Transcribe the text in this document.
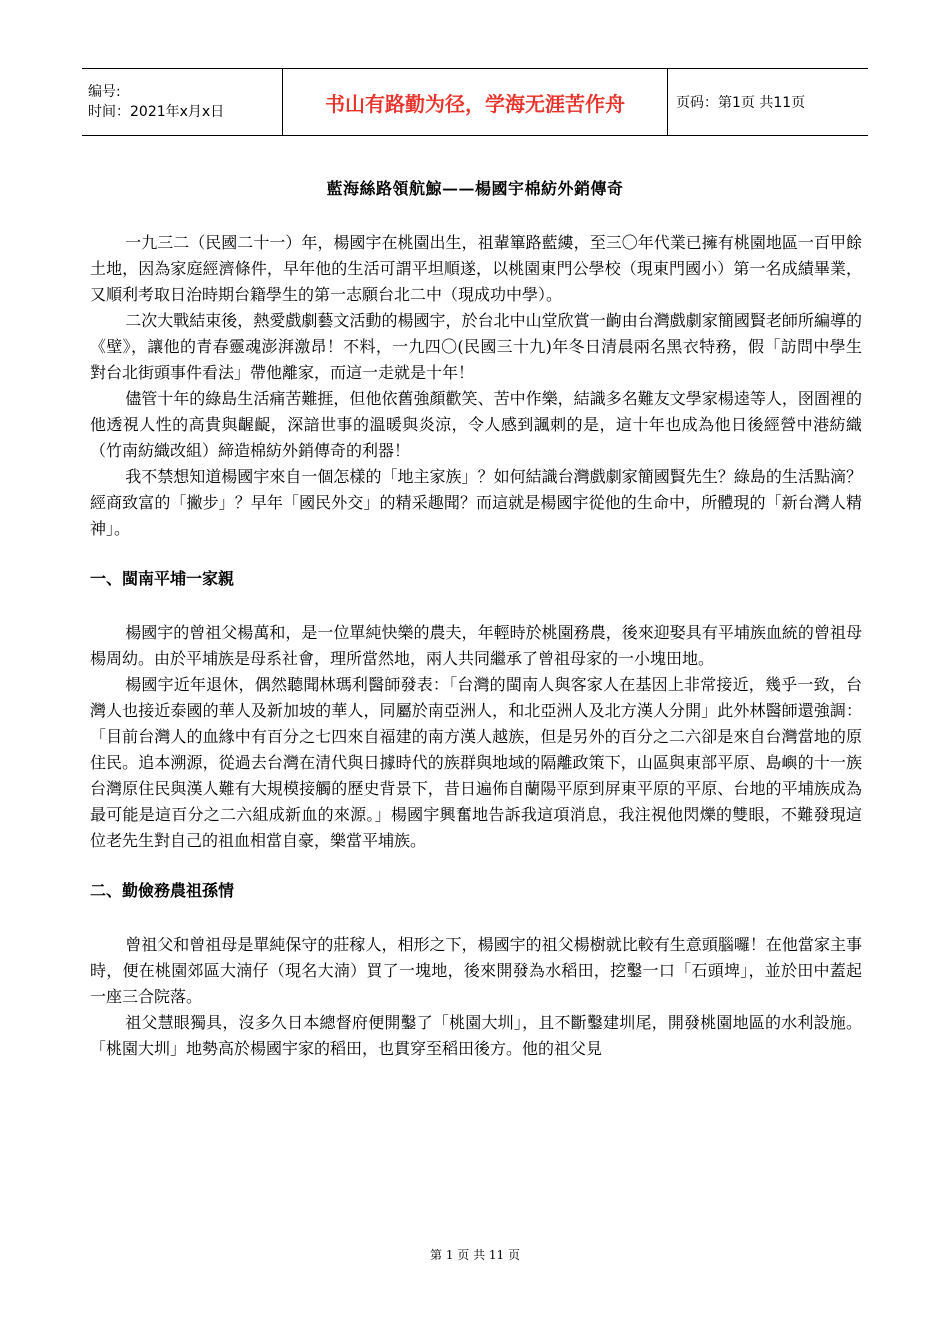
编号:
时间：2021年x月x日	书山有路勤为径，学海无涯苦作舟	页码：第1页 共11页
藍海絲路領航鯨——楊國宇棉紡外銷傳奇

一九三二（民國二十一）年，楊國宇在桃園出生，祖輩篳路藍縷，至三〇年代業已擁有桃園地區一百甲餘土地，因為家庭經濟條件，早年他的生活可謂平坦順遂，以桃園東門公學校（現東門國小）第一名成績畢業，又順利考取日治時期台籍學生的第一志願台北二中（現成功中學）。

二次大戰結束後，熱愛戲劇藝文活動的楊國宇，於台北中山堂欣賞一齣由台灣戲劇家簡國賢老師所編導的《壁》，讓他的青春靈魂澎湃激昂！不料，一九四〇(民國三十九)年冬日清晨兩名黑衣特務，假「訪問中學生對台北街頭事件看法」帶他離家，而這一走就是十年！

儘管十年的綠島生活痛苦難捱，但他依舊強顏歡笑、苦中作樂，結識多名難友文學家楊逵等人，囹圄裡的他透視人性的高貴與齷齪，深諳世事的溫暖與炎涼，令人感到諷刺的是，這十年也成為他日後經營中港紡織（竹南紡織改組）締造棉紡外銷傳奇的利器！

我不禁想知道楊國宇來自一個怎樣的「地主家族」？如何結識台灣戲劇家簡國賢先生？綠島的生活點滴？經商致富的「撇步」？早年「國民外交」的精采趣聞？而這就是楊國宇從他的生命中，所體現的「新台灣人精神」。

一、閩南平埔一家親

楊國宇的曾祖父楊萬和，是一位單純快樂的農夫，年輕時於桃園務農，後來迎娶具有平埔族血統的曾祖母楊周幼。由於平埔族是母系社會，理所當然地，兩人共同繼承了曾祖母家的一小塊田地。

楊國宇近年退休，偶然聽聞林瑪利醫師發表：「台灣的閩南人與客家人在基因上非常接近，幾乎一致，台灣人也接近泰國的華人及新加坡的華人，同屬於南亞洲人，和北亞洲人及北方漢人分開」此外林醫師還強調：「目前台灣人的血緣中有百分之七四來自福建的南方漢人越族，但是另外的百分之二六卻是來自台灣當地的原住民。追本溯源，從過去台灣在清代與日據時代的族群與地域的隔離政策下，山區與東部平原、島嶼的十一族台灣原住民與漢人難有大規模接觸的歷史背景下，昔日遍佈自蘭陽平原到屏東平原的平原、台地的平埔族成為最可能是這百分之二六組成新血的來源。」楊國宇興奮地告訴我這項消息，我注視他閃爍的雙眼，不難發現這位老先生對自己的祖血相當自豪，樂當平埔族。

二、勤儉務農祖孫情

曾祖父和曾祖母是單純保守的莊稼人，相形之下，楊國宇的祖父楊樹就比較有生意頭腦囉！在他當家主事時，便在桃園郊區大湳仔（現名大湳）買了一塊地，後來開發為水稻田，挖鑿一口「石頭埤」，並於田中蓋起一座三合院落。

祖父慧眼獨具，沒多久日本總督府便開鑿了「桃園大圳」，且不斷鑿建圳尾，開發桃園地區的水利設施。「桃園大圳」地勢高於楊國宇家的稻田，也貫穿至稻田後方。他的祖父見

第 1 页 共 11 页
